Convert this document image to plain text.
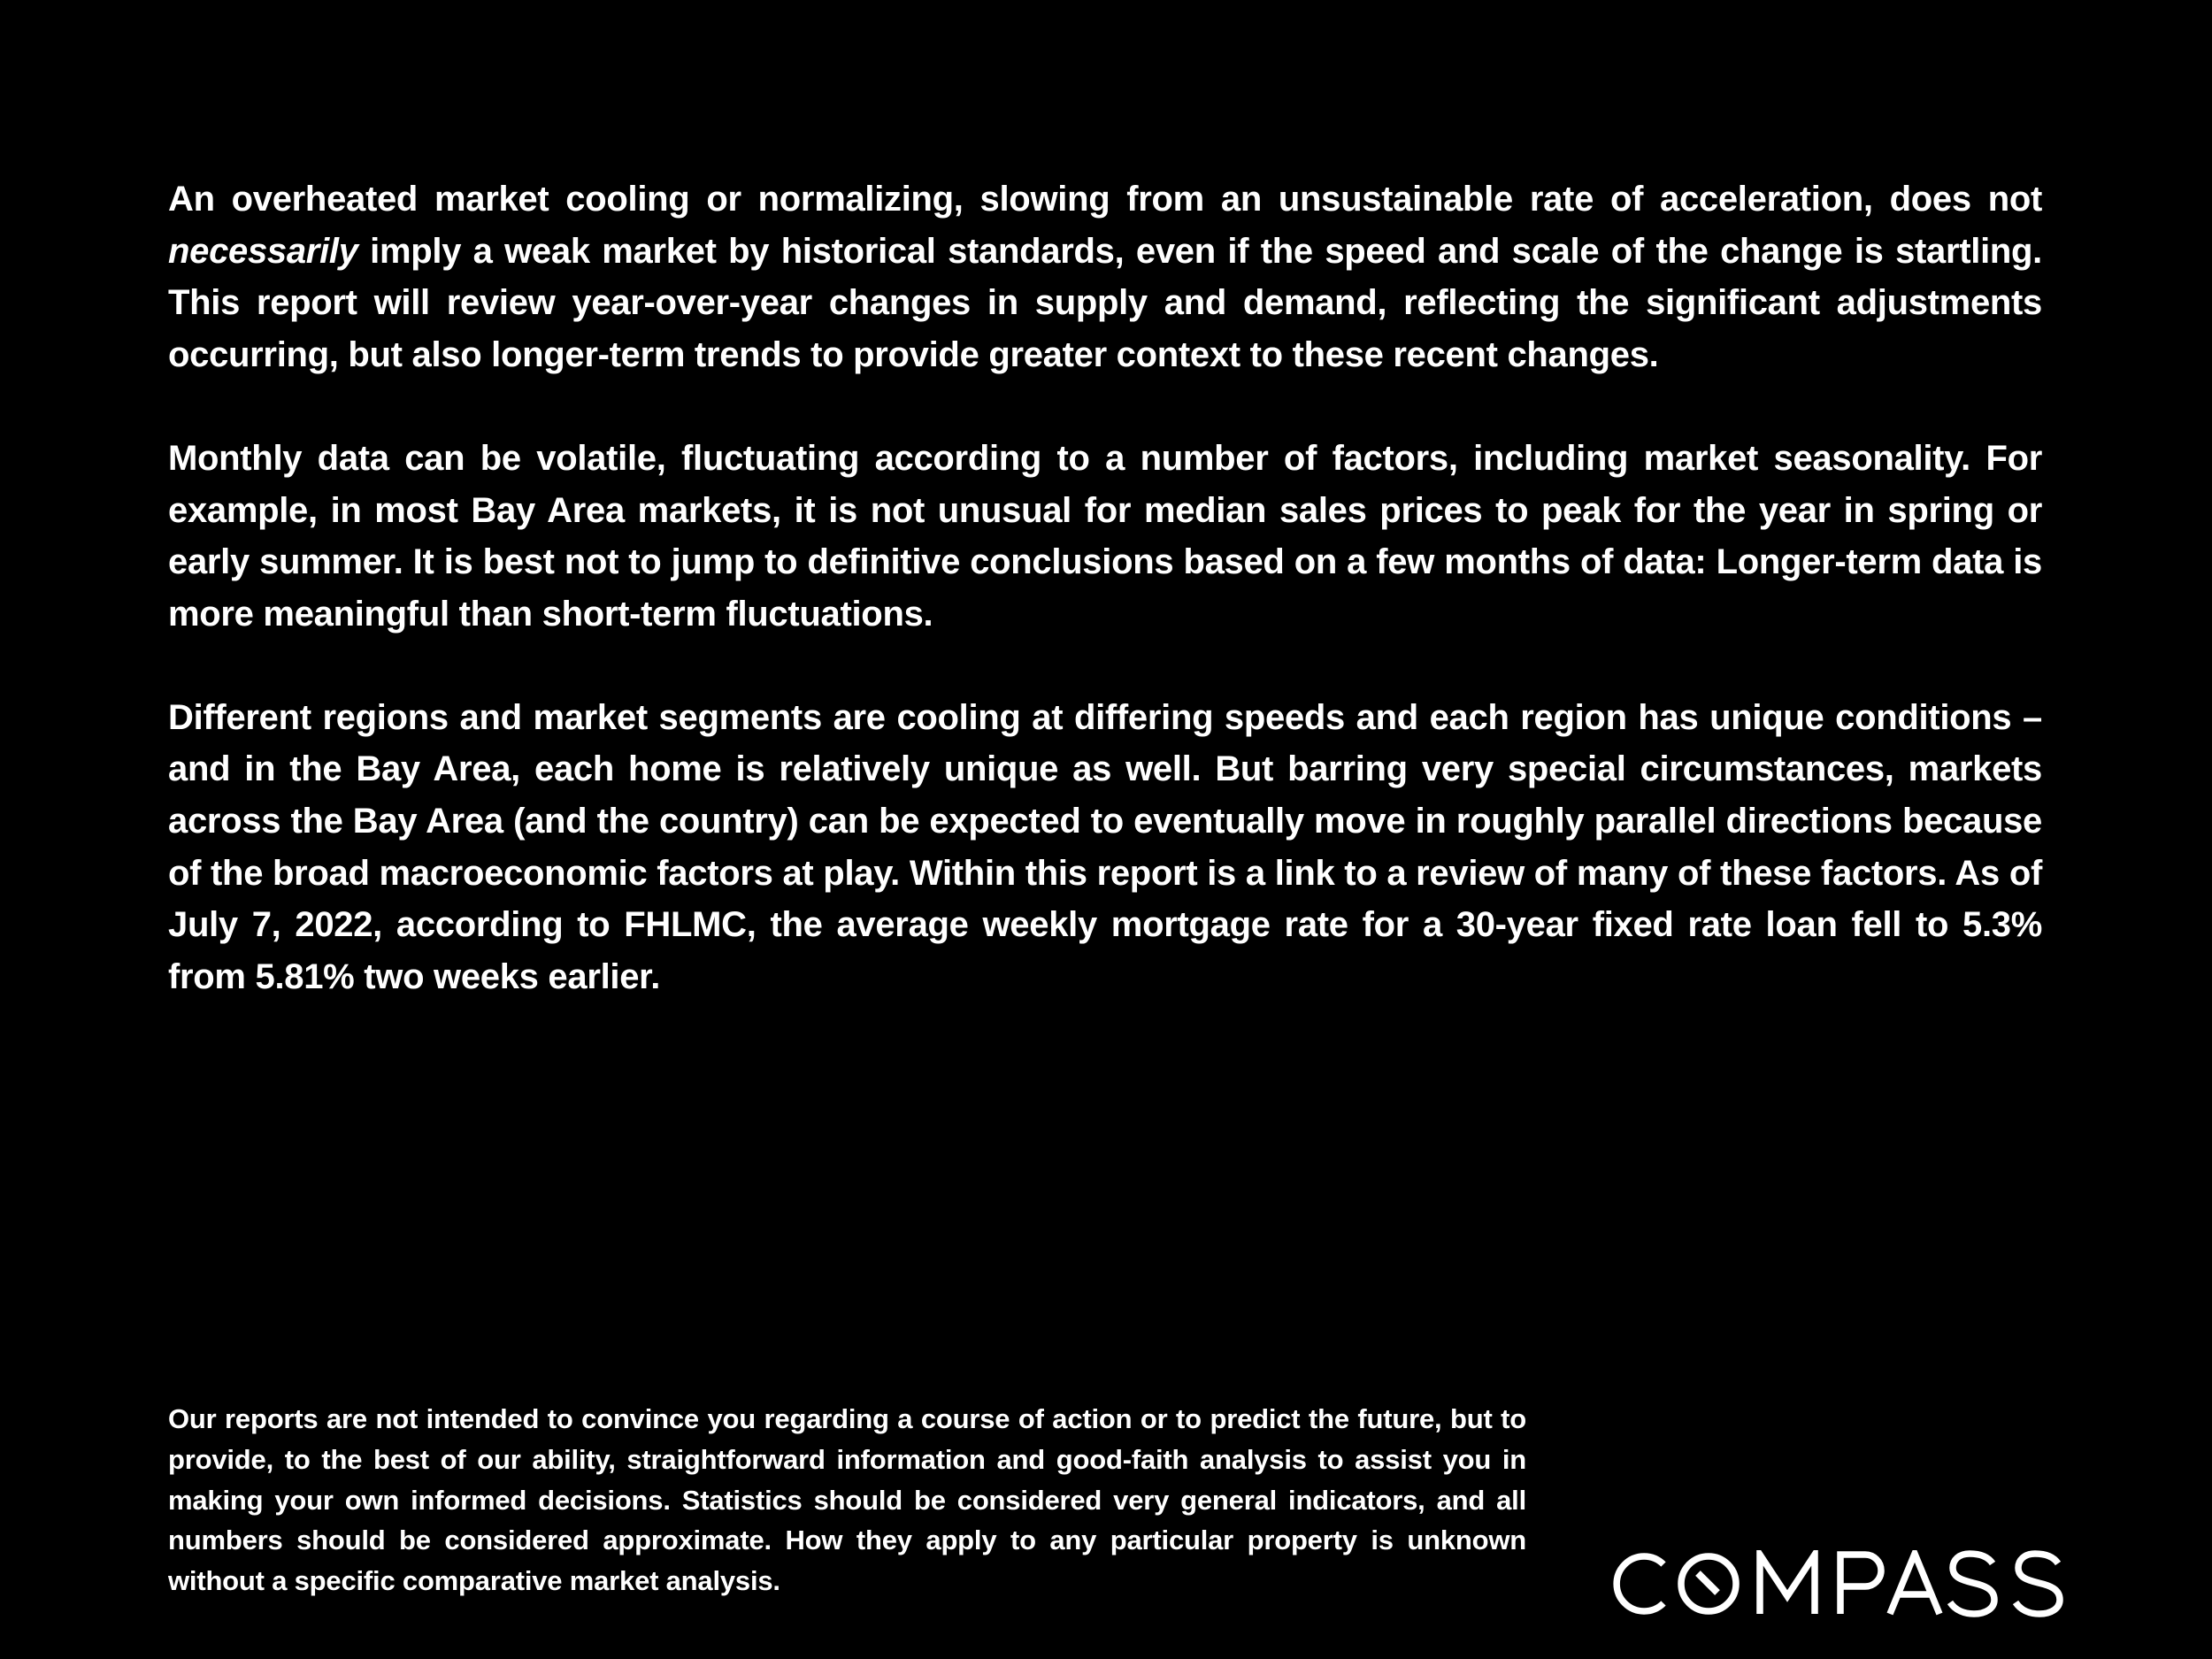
An overheated market cooling or normalizing, slowing from an unsustainable rate of acceleration, does not necessarily imply a weak market by historical standards, even if the speed and scale of the change is startling. This report will review year-over-year changes in supply and demand, reflecting the significant adjustments occurring, but also longer-term trends to provide greater context to these recent changes.

Monthly data can be volatile, fluctuating according to a number of factors, including market seasonality. For example, in most Bay Area markets, it is not unusual for median sales prices to peak for the year in spring or early summer. It is best not to jump to definitive conclusions based on a few months of data: Longer-term data is more meaningful than short-term fluctuations.

Different regions and market segments are cooling at differing speeds and each region has unique conditions – and in the Bay Area, each home is relatively unique as well. But barring very special circumstances, markets across the Bay Area (and the country) can be expected to eventually move in roughly parallel directions because of the broad macroeconomic factors at play. Within this report is a link to a review of many of these factors. As of July 7, 2022, according to FHLMC, the average weekly mortgage rate for a 30-year fixed rate loan fell to 5.3% from 5.81% two weeks earlier.

Our reports are not intended to convince you regarding a course of action or to predict the future, but to provide, to the best of our ability, straightforward information and good-faith analysis to assist you in making your own informed decisions. Statistics should be considered very general indicators, and all numbers should be considered approximate. How they apply to any particular property is unknown without a specific comparative market analysis.
